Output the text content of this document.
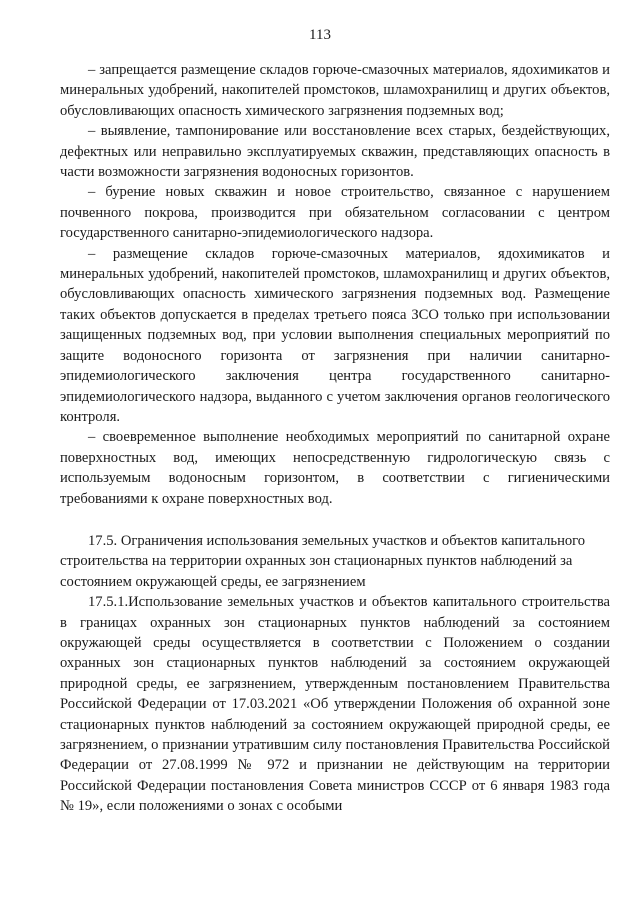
113

– запрещается размещение складов горюче-смазочных материалов, ядохимикатов и минеральных удобрений, накопителей промстоков, шламохранилищ и других объектов, обусловливающих опасность химического загрязнения подземных вод;

– выявление, тампонирование или восстановление всех старых, бездействующих, дефектных или неправильно эксплуатируемых скважин, представляющих опасность в части возможности загрязнения водоносных горизонтов.

– бурение новых скважин и новое строительство, связанное с нарушением почвенного покрова, производится при обязательном согласовании с центром государственного санитарно-эпидемиологического надзора.

– размещение складов горюче-смазочных материалов, ядохимикатов и минеральных удобрений, накопителей промстоков, шламохранилищ и других объектов, обусловливающих опасность химического загрязнения подземных вод. Размещение таких объектов допускается в пределах третьего пояса ЗСО только при использовании защищенных подземных вод, при условии выполнения специальных мероприятий по защите водоносного горизонта от загрязнения при наличии санитарно-эпидемиологического заключения центра государственного санитарно-эпидемиологического надзора, выданного с учетом заключения органов геологического контроля.

– своевременное выполнение необходимых мероприятий по санитарной охране поверхностных вод, имеющих непосредственную гидрологическую связь с используемым водоносным горизонтом, в соответствии с гигиеническими требованиями к охране поверхностных вод.

17.5. Ограничения использования земельных участков и объектов капитального строительства на территории охранных зон стационарных пунктов наблюдений за состоянием окружающей среды, ее загрязнением

17.5.1.Использование земельных участков и объектов капитального строительства в границах охранных зон стационарных пунктов наблюдений за состоянием окружающей среды осуществляется в соответствии с Положением о создании охранных зон стационарных пунктов наблюдений за состоянием окружающей природной среды, ее загрязнением, утвержденным постановлением Правительства Российской Федерации от 17.03.2021 «Об утверждении Положения об охранной зоне стационарных пунктов наблюдений за состоянием окружающей природной среды, ее загрязнением, о признании утратившим силу постановления Правительства Российской Федерации от 27.08.1999 № 972 и признании не действующим на территории Российской Федерации постановления Совета министров СССР от 6 января 1983 года № 19», если положениями о зонах с особыми
